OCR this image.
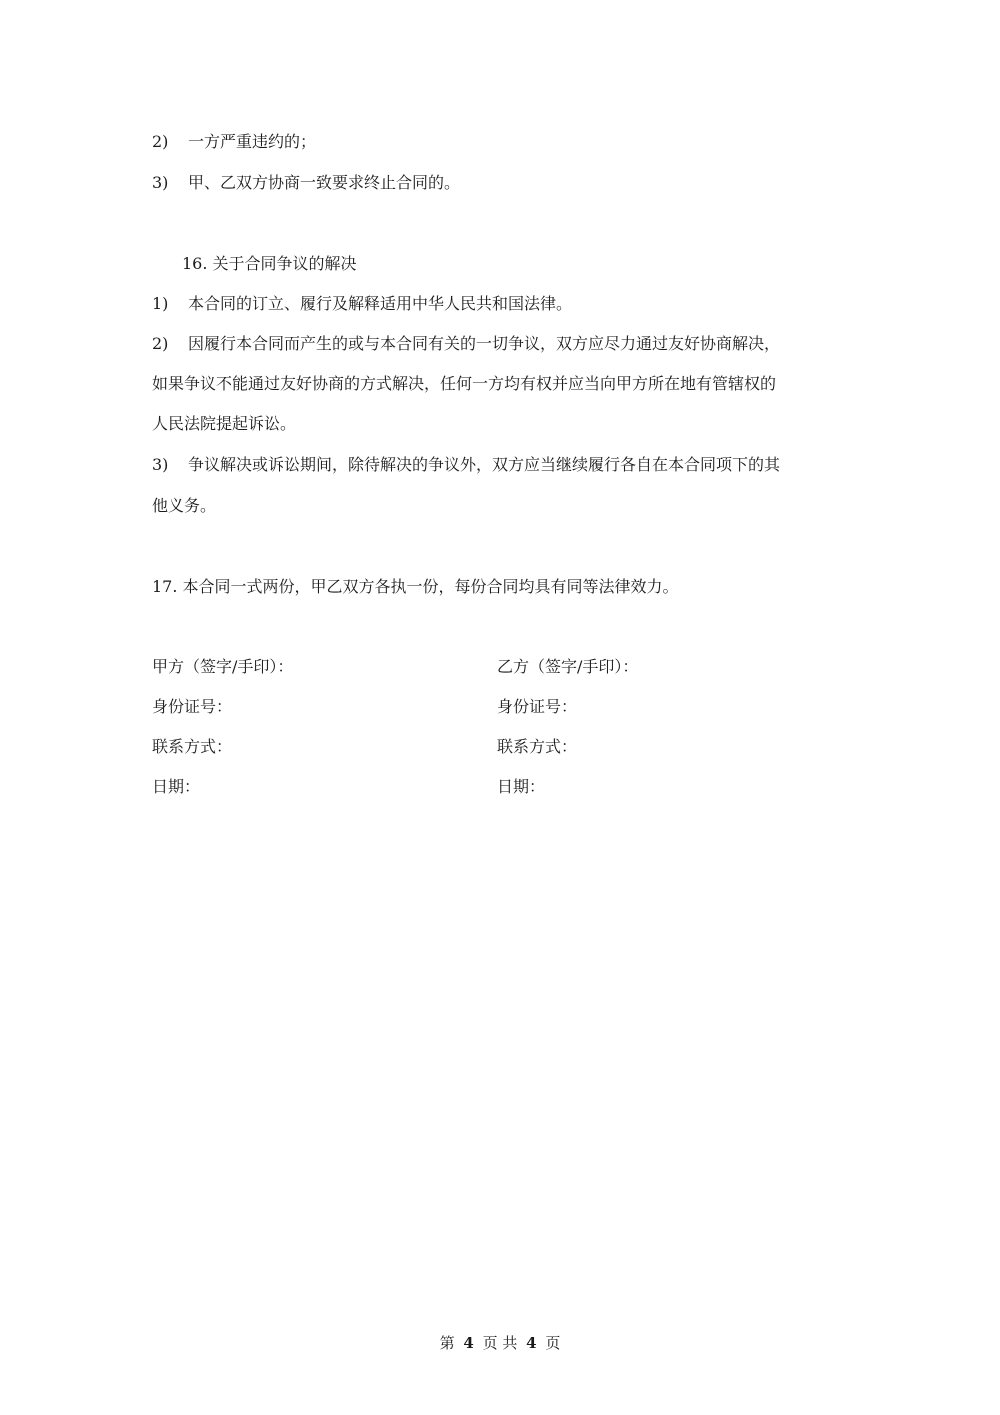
2) 一方严重违约的；
3) 甲、乙双方协商一致要求终止合同的。
16. 关于合同争议的解决
1) 本合同的订立、履行及解释适用中华人民共和国法律。
2) 因履行本合同而产生的或与本合同有关的一切争议，双方应尽力通过友好协商解决，
如果争议不能通过友好协商的方式解决，任何一方均有权并应当向甲方所在地有管辖权的
人民法院提起诉讼。
3) 争议解决或诉讼期间，除待解决的争议外，双方应当继续履行各自在本合同项下的其
他义务。
17. 本合同一式两份，甲乙双方各执一份，每份合同均具有同等法律效力。
甲方（签字/手印）：	乙方（签字/手印）：
身份证号：	身份证号：
联系方式：	联系方式：
日期：	日期：
第 4 页 共 4 页
